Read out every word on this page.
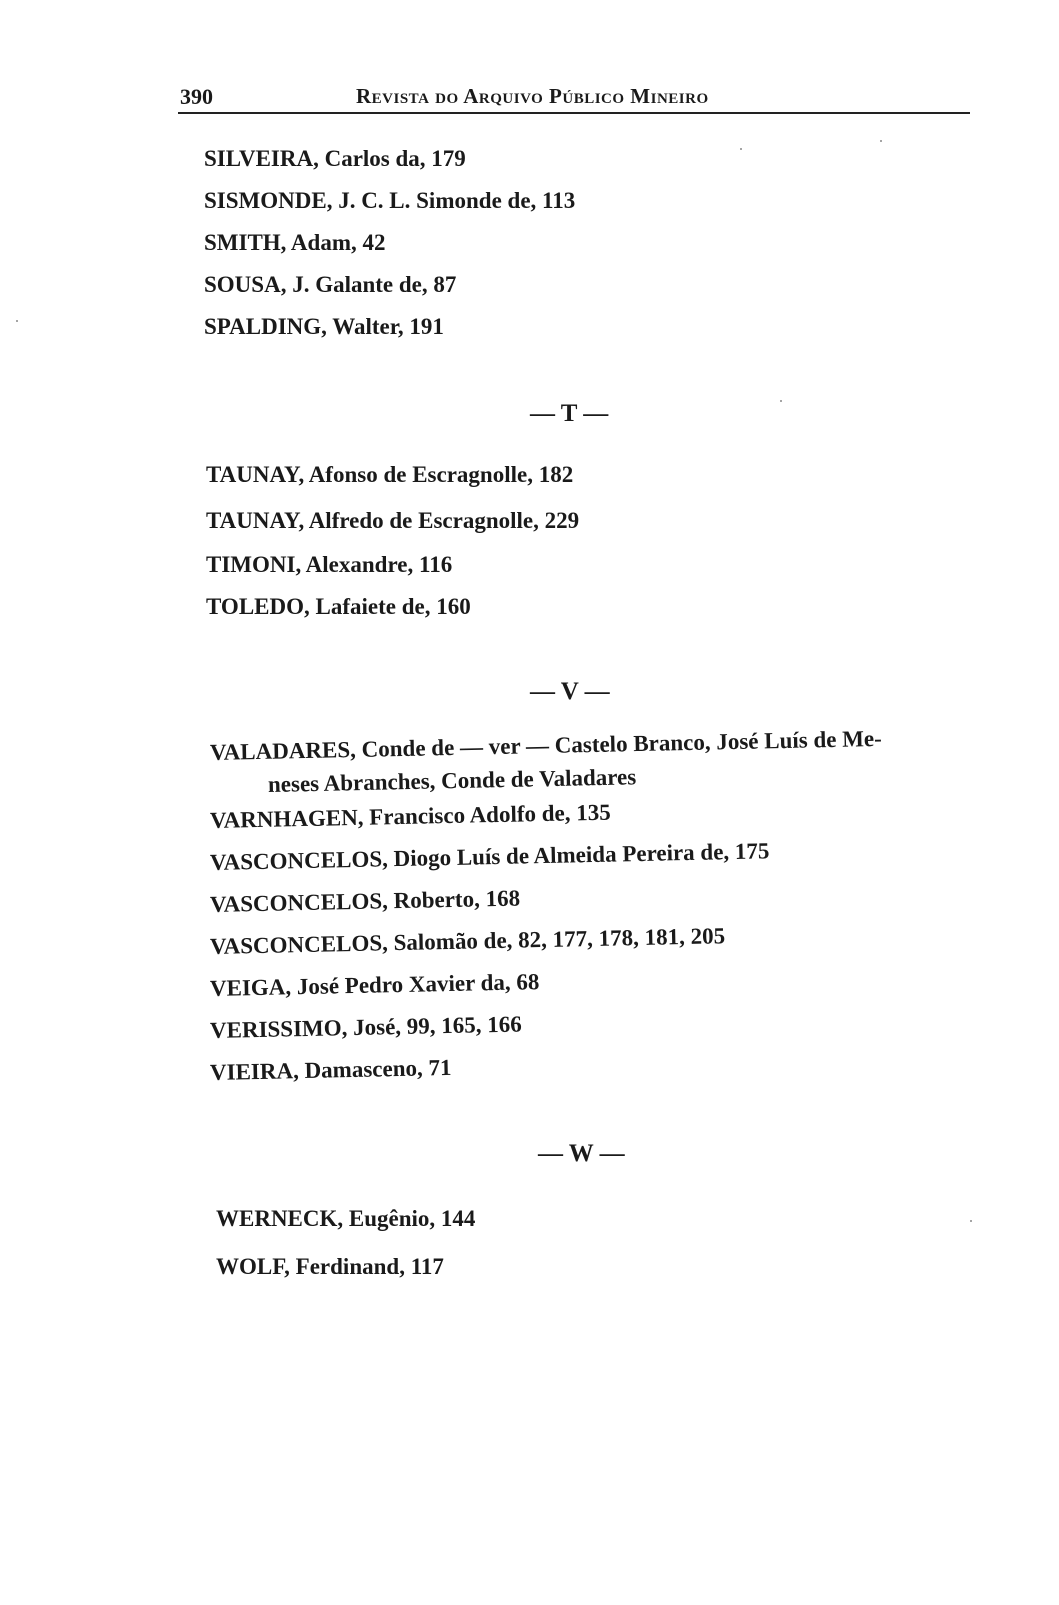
390	Revista do Arquivo Público Mineiro
SILVEIRA, Carlos da, 179
SISMONDE, J. C. L. Simonde de, 113
SMITH, Adam, 42
SOUSA, J. Galante de, 87
SPALDING, Walter, 191
— T —
TAUNAY, Afonso de Escragnolle, 182
TAUNAY, Alfredo de Escragnolle, 229
TIMONI, Alexandre, 116
TOLEDO, Lafaiete de, 160
— V —
VALADARES, Conde de — ver — Castelo Branco, José Luís de Me-
neses Abranches, Conde de Valadares
VARNHAGEN, Francisco Adolfo de, 135
VASCONCELOS, Diogo Luís de Almeida Pereira de, 175
VASCONCELOS, Roberto, 168
VASCONCELOS, Salomão de, 82, 177, 178, 181, 205
VEIGA, José Pedro Xavier da, 68
VERISSIMO, José, 99, 165, 166
VIEIRA, Damasceno, 71
— W —
WERNECK, Eugênio, 144
WOLF, Ferdinand, 117
